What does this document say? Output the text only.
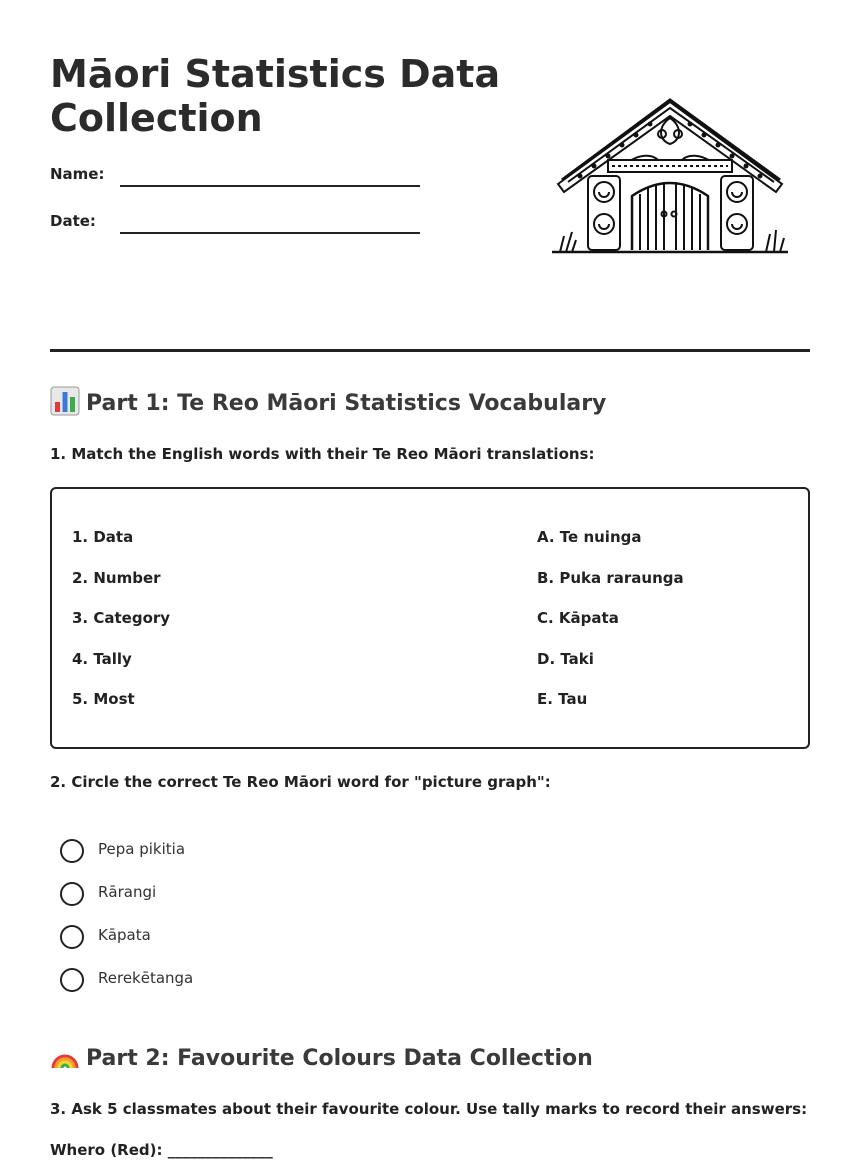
Māori Statistics Data Collection
Name:
Date:
Part 1: Te Reo Māori Statistics Vocabulary
1. Match the English words with their Te Reo Māori translations:
1. Data
2. Number
3. Category
4. Tally
5. Most
A. Te nuinga
B. Puka raraunga
C. Kāpata
D. Taki
E. Tau
2. Circle the correct Te Reo Māori word for "picture graph":
Pepa pikitia
Rārangi
Kāpata
Rerekētanga
Part 2: Favourite Colours Data Collection
3. Ask 5 classmates about their favourite colour. Use tally marks to record their answers:
Whero (Red): ______________
